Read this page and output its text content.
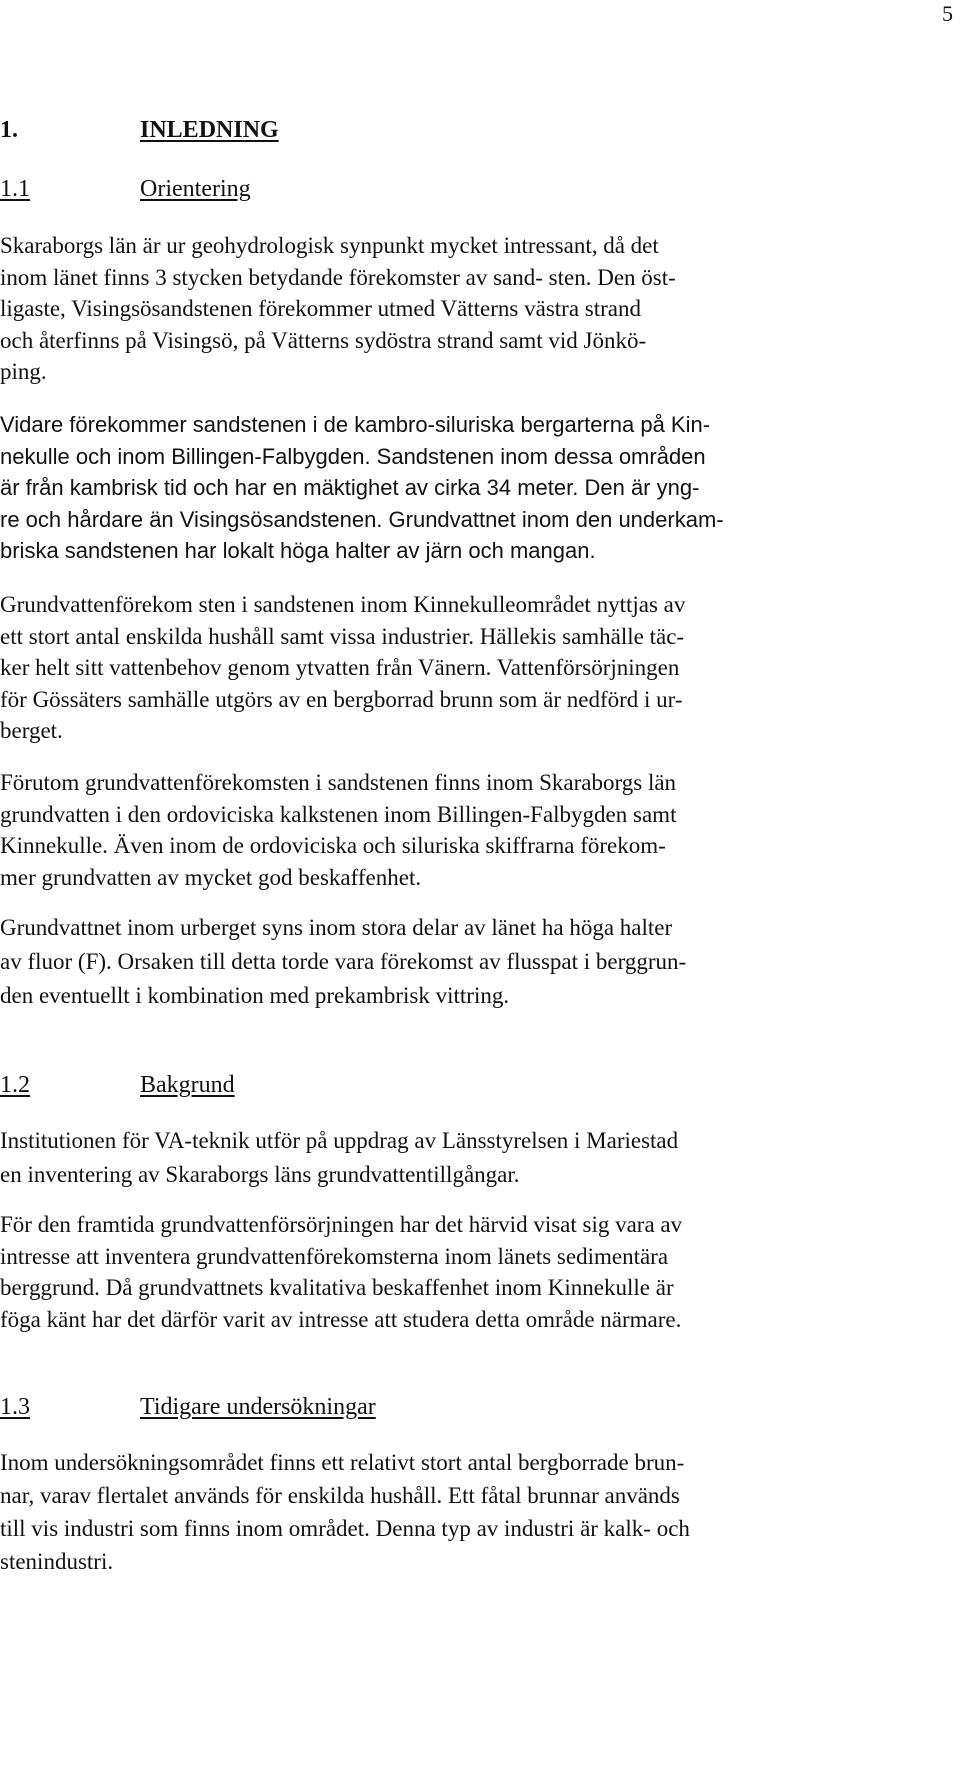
5
1.	INLEDNING
1.1	Orientering

Skaraborgs län är ur geohydrologisk synpunkt mycket intressant, då det
inom länet finns 3 stycken betydande förekomster av sand- sten. Den öst-
ligaste, Visingsösandstenen förekommer utmed Vätterns västra strand
och återfinns på Visingsö, på Vätterns sydöstra strand samt vid Jönkö-
ping.

Vidare förekommer sandstenen i de kambro-siluriska bergarterna på Kin-
nekulle och inom Billingen-Falbygden. Sandstenen inom dessa områden
är från kambrisk tid och har en mäktighet av cirka 34 meter. Den är yng-
re och hårdare än Visingsösandstenen. Grundvattnet inom den underkam-
briska sandstenen har lokalt höga halter av järn och mangan.

Grundvattenförekom sten i sandstenen inom Kinnekulleområdet nyttjas av
ett stort antal enskilda hushåll samt vissa industrier. Hällekis samhälle täc-
ker helt sitt vattenbehov genom ytvatten från Vänern. Vattenförsörjningen
för Gössäters samhälle utgörs av en bergborrad brunn som är nedförd i ur-
berget.

Förutom grundvattenförekomsten i sandstenen finns inom Skaraborgs län
grundvatten i den ordoviciska kalkstenen inom Billingen-Falbygden samt
Kinnekulle. Även inom de ordoviciska och siluriska skiffrarna förekom-
mer grundvatten av mycket god beskaffenhet.

Grundvattnet inom urberget syns inom stora delar av länet ha höga halter
av fluor (F). Orsaken till detta torde vara förekomst av flusspat i berggrun-
den eventuellt i kombination med prekambrisk vittring.

1.2	Bakgrund

Institutionen för VA-teknik utför på uppdrag av Länsstyrelsen i Mariestad
en inventering av Skaraborgs läns grundvattentillgångar.

För den framtida grundvattenförsörjningen har det härvid visat sig vara av
intresse att inventera grundvattenförekomsterna inom länets sedimentära
berggrund. Då grundvattnets kvalitativa beskaffenhet inom Kinnekulle är
föga känt har det därför varit av intresse att studera detta område närmare.

1.3	Tidigare undersökningar

Inom undersökningsområdet finns ett relativt stort antal bergborrade brun-
nar, varav flertalet används för enskilda hushåll. Ett fåtal brunnar används
till vis industri som finns inom området. Denna typ av industri är kalk- och
stenindustri.
